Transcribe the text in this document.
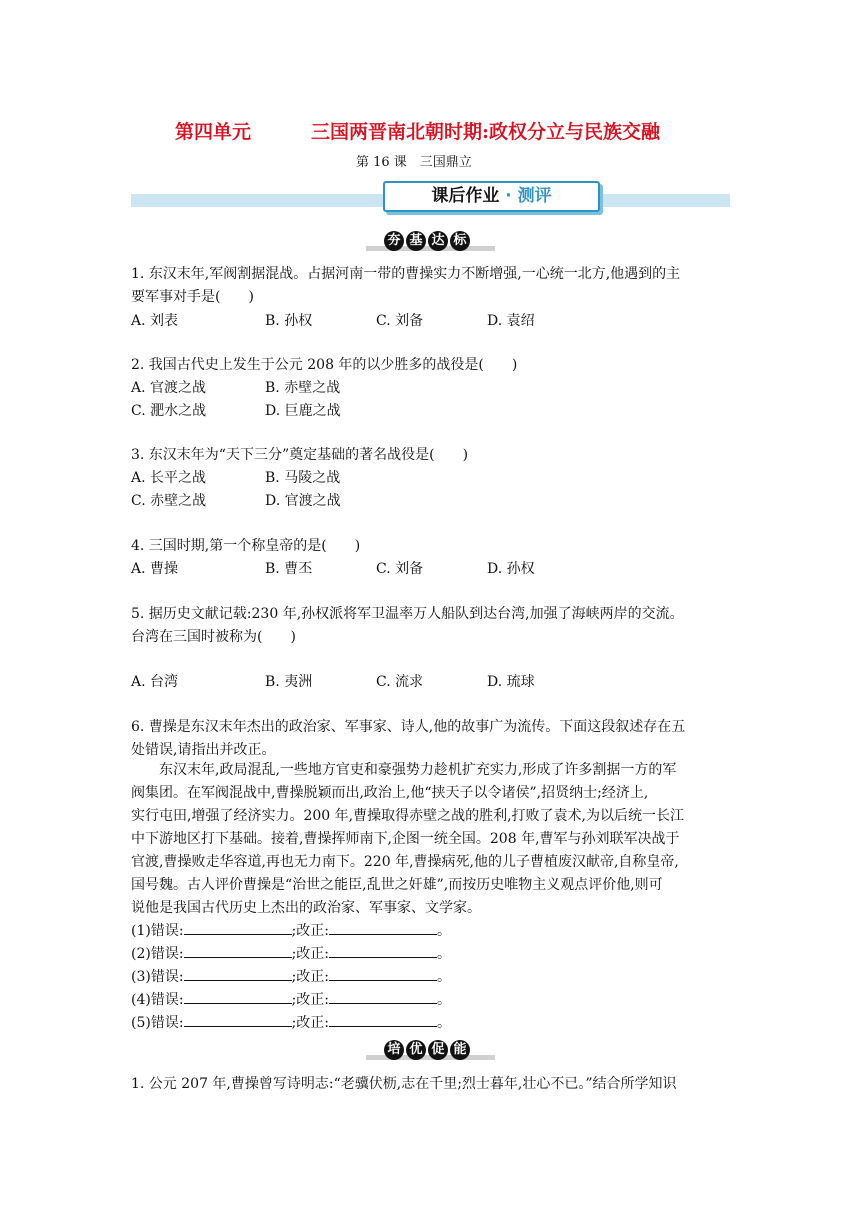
第四单元	三国两晋南北朝时期:政权分立与民族交融
第 16 课　三国鼎立
课后作业 · 测评
夯 基 达 标
1. 东汉末年,军阀割据混战。占据河南一带的曹操实力不断增强,一心统一北方,他遇到的主
要军事对手是(　　)
A. 刘表	B. 孙权	C. 刘备	D. 袁绍
2. 我国古代史上发生于公元 208 年的以少胜多的战役是(　　)
A. 官渡之战	B. 赤壁之战
C. 淝水之战	D. 巨鹿之战
3. 东汉末年为“天下三分”奠定基础的著名战役是(　　)
A. 长平之战	B. 马陵之战
C. 赤壁之战	D. 官渡之战
4. 三国时期,第一个称皇帝的是(　　)
A. 曹操	B. 曹丕	C. 刘备	D. 孙权
5. 据历史文献记载:230 年,孙权派将军卫温率万人船队到达台湾,加强了海峡两岸的交流。
台湾在三国时被称为(　　)
A. 台湾	B. 夷洲	C. 流求	D. 琉球
6. 曹操是东汉末年杰出的政治家、军事家、诗人,他的故事广为流传。下面这段叙述存在五
处错误,请指出并改正。
　　东汉末年,政局混乱,一些地方官吏和豪强势力趁机扩充实力,形成了许多割据一方的军
阀集团。在军阀混战中,曹操脱颖而出,政治上,他“挟天子以令诸侯”,招贤纳士;经济上,
实行屯田,增强了经济实力。200 年,曹操取得赤壁之战的胜利,打败了袁术,为以后统一长江
中下游地区打下基础。接着,曹操挥师南下,企图一统全国。208 年,曹军与孙刘联军决战于
官渡,曹操败走华容道,再也无力南下。220 年,曹操病死,他的儿子曹植废汉献帝,自称皇帝,
国号魏。古人评价曹操是“治世之能臣,乱世之奸雄”,而按历史唯物主义观点评价他,则可
说他是我国古代历史上杰出的政治家、军事家、文学家。
(1)错误:	;改正:	。
(2)错误:	;改正:	。
(3)错误:	;改正:	。
(4)错误:	;改正:	。
(5)错误:	;改正:	。
培 优 促 能
1. 公元 207 年,曹操曾写诗明志:“老骥伏枥,志在千里;烈士暮年,壮心不已。”结合所学知识
